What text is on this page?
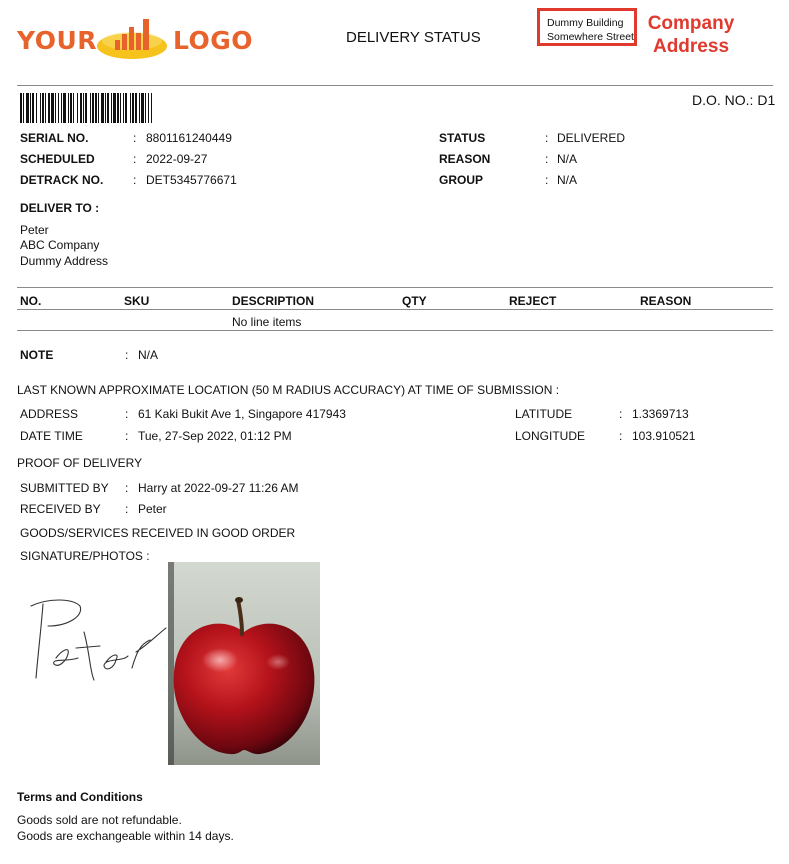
YOUR	LOGO	DELIVERY STATUS
Dummy Building
Somewhere Street
Company
Address
D.O. NO.: D1
SERIAL NO.	: 8801161240449
SCHEDULED	: 2022-09-27
DETRACK NO. : DET5345776671
STATUS	: DELIVERED
REASON	: N/A
GROUP	: N/A
DELIVER TO :
Peter
ABC Company
Dummy Address
NO.	SKU	DESCRIPTION	QTY	REJECT	REASON
No line items
NOTE	: N/A
LAST KNOWN APPROXIMATE LOCATION (50 M RADIUS ACCURACY) AT TIME OF SUBMISSION :
ADDRESS	: 61 Kaki Bukit Ave 1, Singapore 417943
DATE TIME	: Tue, 27-Sep 2022, 01:12 PM
LATITUDE	: 1.3369713
LONGITUDE	: 103.910521
PROOF OF DELIVERY
SUBMITTED BY : Harry at 2022-09-27 11:26 AM
RECEIVED BY : Peter
GOODS/SERVICES RECEIVED IN GOOD ORDER
SIGNATURE/PHOTOS :
Terms and Conditions
Goods sold are not refundable.
Goods are exchangeable within 14 days.
